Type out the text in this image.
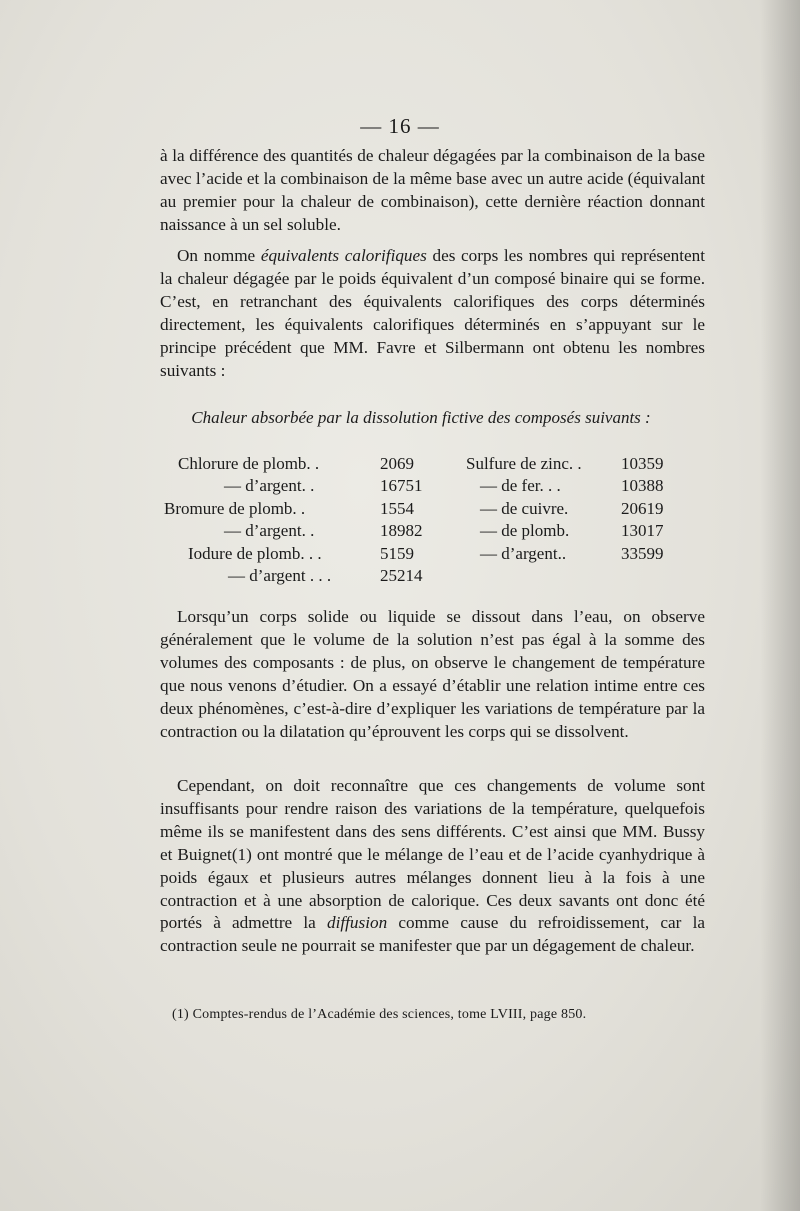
— 16 —

à la différence des quantités de chaleur dégagées par la combinaison de la base avec l’acide et la combinaison de la même base avec un autre acide (équivalant au premier pour la chaleur de combinaison), cette dernière réaction donnant naissance à un sel soluble.

On nomme équivalents calorifiques des corps les nombres qui représentent la chaleur dégagée par le poids équivalent d’un composé binaire qui se forme. C’est, en retranchant des équivalents calorifiques des corps déterminés directement, les équivalents calorifiques déterminés en s’appuyant sur le principe précédent que MM. Favre et Silbermann ont obtenu les nombres suivants :

Chaleur absorbée par la dissolution fictive des composés suivants :
Chlorure de plomb. .	2069	Sulfure de zinc. . 10359
— d’argent. .	16751	— de fer. . .	10388
Bromure de plomb. .	1554	— de cuivre.	20619
— d’argent. .	18982	— de plomb.	13017
Iodure de plomb. . .	5159	— d’argent..	33599
— d’argent . . .	25214

Lorsqu’un corps solide ou liquide se dissout dans l’eau, on observe généralement que le volume de la solution n’est pas égal à la somme des volumes des composants : de plus, on observe le changement de température que nous venons d’étudier. On a essayé d’établir une relation intime entre ces deux phénomènes, c’est-à-dire d’expliquer les variations de température par la contraction ou la dilatation qu’éprouvent les corps qui se dissolvent.

Cependant, on doit reconnaître que ces changements de volume sont insuffisants pour rendre raison des variations de la température, quelquefois même ils se manifestent dans des sens différents. C’est ainsi que MM. Bussy et Buignet(1) ont montré que le mélange de l’eau et de l’acide cyanhydrique à poids égaux et plusieurs autres mélanges donnent lieu à la fois à une contraction et à une absorption de calorique. Ces deux savants ont donc été portés à admettre la diffusion comme cause du refroidissement, car la contraction seule ne pourrait se manifester que par un dégagement de chaleur.

(1) Comptes-rendus de l’Académie des sciences, tome LVIII, page 850.
